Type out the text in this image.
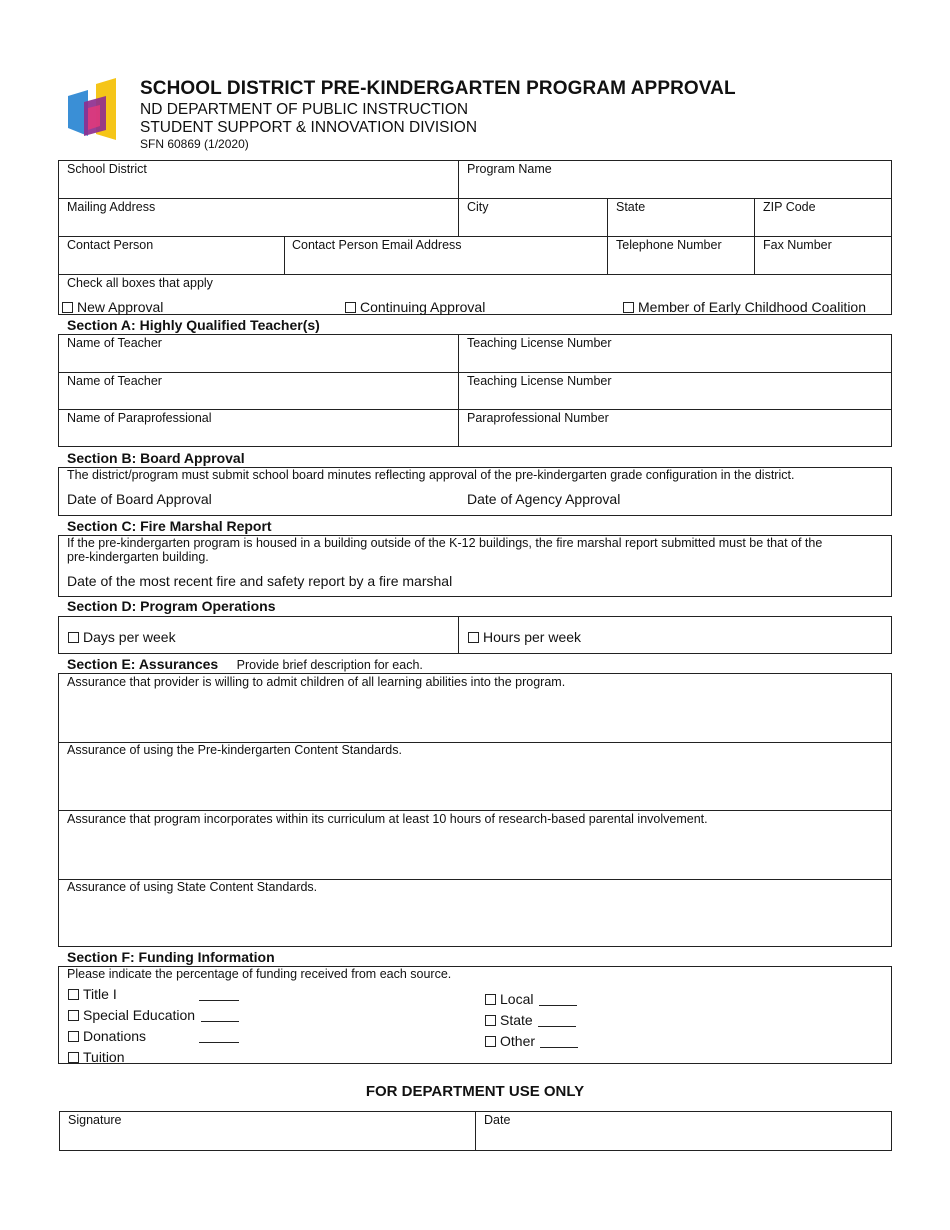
SCHOOL DISTRICT PRE-KINDERGARTEN PROGRAM APPROVAL
ND DEPARTMENT OF PUBLIC INSTRUCTION
STUDENT SUPPORT & INNOVATION DIVISION
SFN 60869 (1/2020)
School District	Program Name
Mailing Address	City	State	ZIP Code
Contact Person	Contact Person Email Address	Telephone Number	Fax Number
Check all boxes that apply
New Approval	Continuing Approval	Member of Early Childhood Coalition
Section A: Highly Qualified Teacher(s)
Name of Teacher	Teaching License Number
Name of Teacher	Teaching License Number
Name of Paraprofessional	Paraprofessional Number
Section B: Board Approval
The district/program must submit school board minutes reflecting approval of the pre-kindergarten grade configuration in the district.
Date of Board Approval	Date of Agency Approval
Section C: Fire Marshal Report
If the pre-kindergarten program is housed in a building outside of the K-12 buildings, the fire marshal report submitted must be that of the
pre-kindergarten building.
Date of the most recent fire and safety report by a fire marshal
Section D: Program Operations
Days per week	Hours per week
Section E: Assurances Provide brief description for each.
Assurance that provider is willing to admit children of all learning abilities into the program.
Assurance of using the Pre-kindergarten Content Standards.
Assurance that program incorporates within its curriculum at least 10 hours of research-based parental involvement.
Assurance of using State Content Standards.
Section F: Funding Information
Please indicate the percentage of funding received from each source.
Title I
Special Education
Donations
Tuition
Local
State
Other
FOR DEPARTMENT USE ONLY
Signature	Date
